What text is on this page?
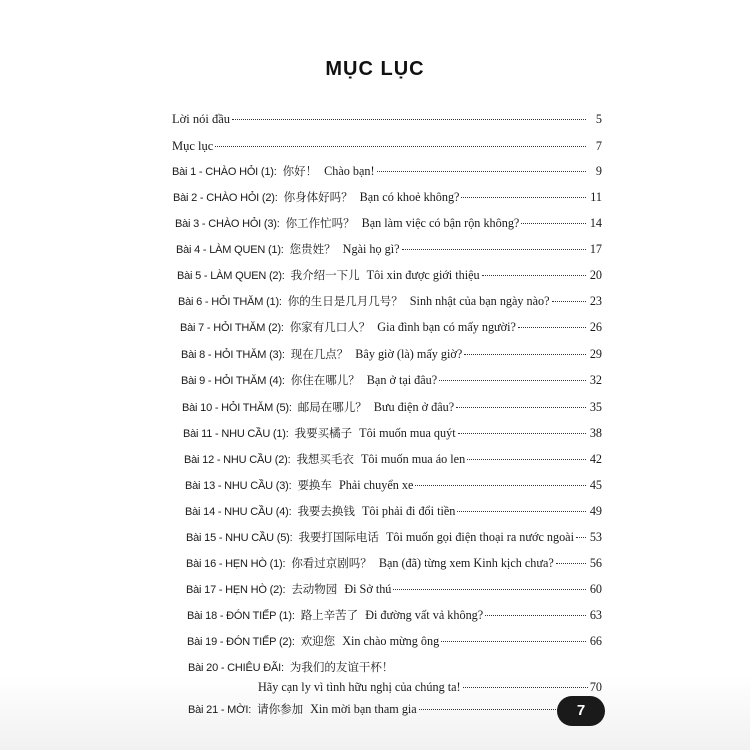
MỤC LỤC
Lời nói đầu	5
Mục lục	7
Bài 1 - CHÀO HỎI (1): 你好！ Chào bạn!	9
Bài 2 - CHÀO HỎI (2): 你身体好吗？ Bạn có khoẻ không?	11
Bài 3 - CHÀO HỎI (3): 你工作忙吗？ Bạn làm việc có bận rộn không?	14
Bài 4 - LÀM QUEN (1): 您贵姓？ Ngài họ gì?	17
Bài 5 - LÀM QUEN (2): 我介绍一下儿 Tôi xin được giới thiệu	20
Bài 6 - HỎI THĂM (1): 你的生日是几月几号？ Sinh nhật của bạn ngày nào?	23
Bài 7 - HỎI THĂM (2): 你家有几口人？ Gia đình bạn có mấy người?	26
Bài 8 - HỎI THĂM (3): 现在几点？ Bây giờ (là) mấy giờ?	29
Bài 9 - HỎI THĂM (4): 你住在哪儿？ Bạn ở tại đâu?	32
Bài 10 - HỎI THĂM (5): 邮局在哪儿？ Bưu điện ở đâu?	35
Bài 11 - NHU CẦU (1): 我要买橘子 Tôi muốn mua quýt	38
Bài 12 - NHU CẦU (2): 我想买毛衣 Tôi muốn mua áo len	42
Bài 13 - NHU CẦU (3): 要换车 Phải chuyển xe	45
Bài 14 - NHU CẦU (4): 我要去换钱 Tôi phải đi đổi tiền	49
Bài 15 - NHU CẦU (5): 我要打国际电话 Tôi muốn gọi điện thoại ra nước ngoài 53
Bài 16 - HẸN HÒ (1): 你看过京剧吗？ Bạn (đã) từng xem Kinh kịch chưa?	56
Bài 17 - HẸN HÒ (2): 去动物园 Đi Sở thú	60
Bài 18 - ĐÓN TIẾP (1): 路上辛苦了 Đi đường vất vả không?	63
Bài 19 - ĐÓN TIẾP (2): 欢迎您 Xin chào mừng ông	66
Bài 20 - CHIÊU ĐÃI: 为我们的友谊干杯！
Hãy cạn ly vì tình hữu nghị của chúng ta!	70
Bài 21 - MỜI: 请你参加 Xin mời bạn tham gia	7
